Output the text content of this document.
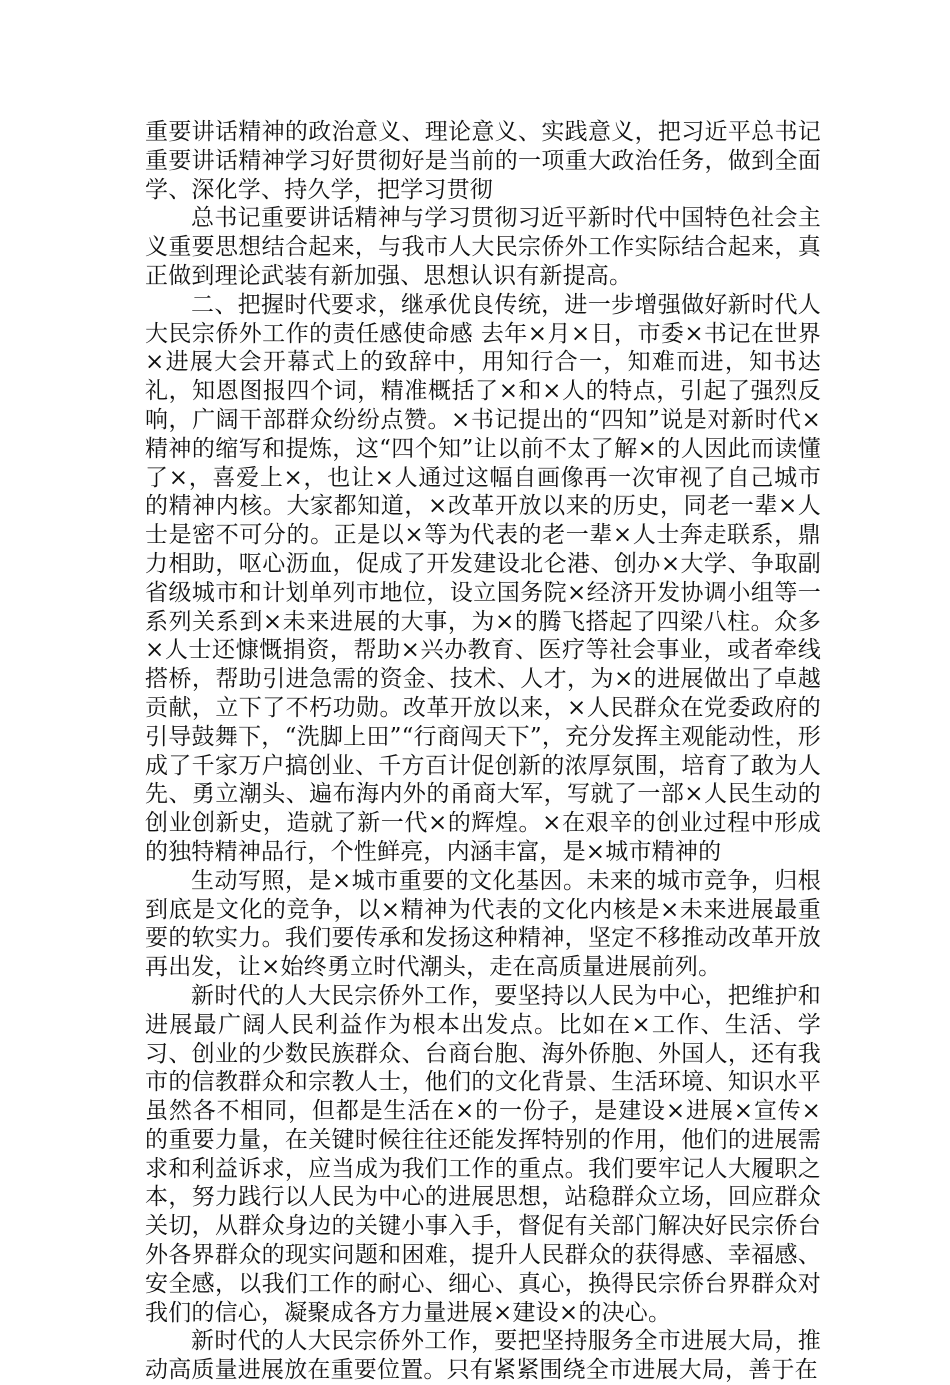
重要讲话精神的政治意义、理论意义、实践意义，把习近平总书记重要讲话精神学习好贯彻好是当前的一项重大政治任务，做到全面学、深化学、持久学，把学习贯彻

总书记重要讲话精神与学习贯彻习近平新时代中国特色社会主义重要思想结合起来，与我市人大民宗侨外工作实际结合起来，真正做到理论武装有新加强、思想认识有新提高。

二、把握时代要求，继承优良传统，进一步增强做好新时代人大民宗侨外工作的责任感使命感 去年×月×日，市委×书记在世界×进展大会开幕式上的致辞中，用知行合一，知难而进，知书达礼，知恩图报四个词，精准概括了×和×人的特点，引起了强烈反响，广阔干部群众纷纷点赞。×书记提出的“四知”说是对新时代×精神的缩写和提炼，这“四个知”让以前不太了解×的人因此而读懂了×，喜爱上×，也让×人通过这幅自画像再一次审视了自己城市的精神内核。大家都知道，×改革开放以来的历史，同老一辈×人士是密不可分的。正是以×等为代表的老一辈×人士奔走联系，鼎力相助，呕心沥血，促成了开发建设北仑港、创办×大学、争取副省级城市和计划单列市地位，设立国务院×经济开发协调小组等一系列关系到×未来进展的大事，为×的腾飞搭起了四梁八柱。众多×人士还慷慨捐资，帮助×兴办教育、医疗等社会事业，或者牵线搭桥，帮助引进急需的资金、技术、人才，为×的进展做出了卓越贡献，立下了不朽功勋。改革开放以来，×人民群众在党委政府的引导鼓舞下，“洗脚上田”“行商闯天下”，充分发挥主观能动性，形成了千家万户搞创业、千方百计促创新的浓厚氛围，培育了敢为人先、勇立潮头、遍布海内外的甬商大军，写就了一部×人民生动的创业创新史，造就了新一代×的辉煌。×在艰辛的创业过程中形成的独特精神品行，个性鲜亮，内涵丰富，是×城市精神的

生动写照，是×城市重要的文化基因。未来的城市竞争，归根到底是文化的竞争，以×精神为代表的文化内核是×未来进展最重要的软实力。我们要传承和发扬这种精神，坚定不移推动改革开放再出发，让×始终勇立时代潮头，走在高质量进展前列。

新时代的人大民宗侨外工作，要坚持以人民为中心，把维护和进展最广阔人民利益作为根本出发点。比如在×工作、生活、学习、创业的少数民族群众、台商台胞、海外侨胞、外国人，还有我市的信教群众和宗教人士，他们的文化背景、生活环境、知识水平虽然各不相同，但都是生活在×的一份子，是建设×进展×宣传×的重要力量，在关键时候往往还能发挥特别的作用，他们的进展需求和利益诉求，应当成为我们工作的重点。我们要牢记人大履职之本，努力践行以人民为中心的进展思想，站稳群众立场，回应群众关切，从群众身边的关键小事入手，督促有关部门解决好民宗侨台外各界群众的现实问题和困难，提升人民群众的获得感、幸福感、安全感，以我们工作的耐心、细心、真心，换得民宗侨台界群众对我们的信心，凝聚成各方力量进展×建设×的决心。

新时代的人大民宗侨外工作，要把坚持服务全市进展大局，推动高质量进展放在重要位置。只有紧紧围绕全市进展大局，善于在
